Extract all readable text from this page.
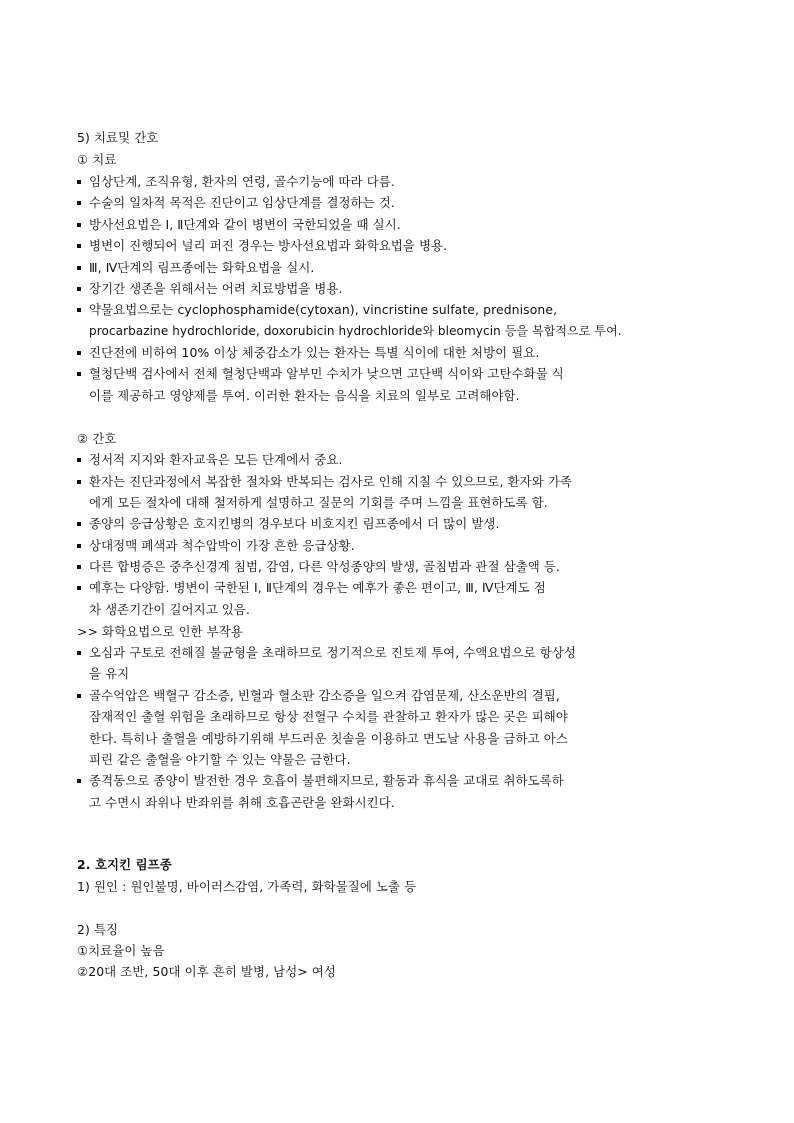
5) 치료및 간호
① 치료
임상단계, 조직유형, 환자의 연령, 골수기능에 따라 다름.
수술의 일차적 목적은 진단이고 임상단계를 결정하는 것.
방사선요법은 Ⅰ, Ⅱ단계와 같이 병변이 국한되었을 때 실시.
병변이 진행되어 널리 퍼진 경우는 방사선요법과 화학요법을 병용.
Ⅲ, Ⅳ단계의 림프종에는 화학요법을 실시.
장기간 생존을 위해서는 어려 치료방법을 병용.
약물요법으로는 cyclophosphamide(cytoxan), vincristine sulfate, prednisone,
procarbazine hydrochloride, doxorubicin hydrochloride와 bleomycin 등을 복합적으로 투여.
진단전에 비하여 10% 이상 체중감소가 있는 환자는 특별 식이에 대한 처방이 필요.
혈청단백 검사에서 전체 혈청단백과 알부민 수치가 낮으면 고단백 식이와 고탄수화물 식
이를 제공하고 영양제를 투여. 이러한 환자는 음식을 치료의 일부로 고려해야함.
② 간호
정서적 지지와 환자교육은 모든 단계에서 중요.
환자는 진단과정에서 복잡한 절차와 반복되는 검사로 인해 지칠 수 있으므로, 환자와 가족
에게 모든 절차에 대해 철저하게 설명하고 질문의 기회를 주며 느낌을 표현하도록 함.
종양의 응급상황은 호지킨병의 경우보다 비호지킨 림프종에서 더 많이 발생.
상대정맥 폐색과 척수압박이 가장 흔한 응급상황.
다른 합병증은 중추신경계 침범, 감염, 다른 악성종양의 발생, 골침범과 관절 삼출액 등.
예후는 다양함. 병변이 국한된 Ⅰ, Ⅱ단계의 경우는 예후가 좋은 편이고, Ⅲ, Ⅳ단계도 점
차 생존기간이 길어지고 있음.
>> 화학요법으로 인한 부작용
오심과 구토로 전해질 불균형을 초래하므로 정기적으로 진토제 투여, 수액요법으로 항상성
을 유지
골수억압은 백혈구 감소증, 빈혈과 혈소판 감소증을 일으켜 감염문제, 산소운반의 결핍,
잠재적인 출혈 위험을 초래하므로 항상 전혈구 수치를 관찰하고 환자가 많은 곳은 피해야
한다. 특히나 출혈을 예방하기위해 부드러운 칫솔을 이용하고 면도날 사용을 금하고 아스
피린 같은 출혈을 야기할 수 있는 약물은 금한다.
종격동으로 종양이 발전한 경우 호흡이 불편해지므로, 활동과 휴식을 교대로 취하도록하
고 수면시 좌위나 반좌위를 취해 호흡곤란을 완화시킨다.
2. 호지킨 림프종
1) 원인 : 원인불명, 바이러스감염, 가족력, 화학물질에 노출 등
2) 특징
①치료율이 높음
②20대 조반, 50대 이후 흔히 발병, 남성> 여성
